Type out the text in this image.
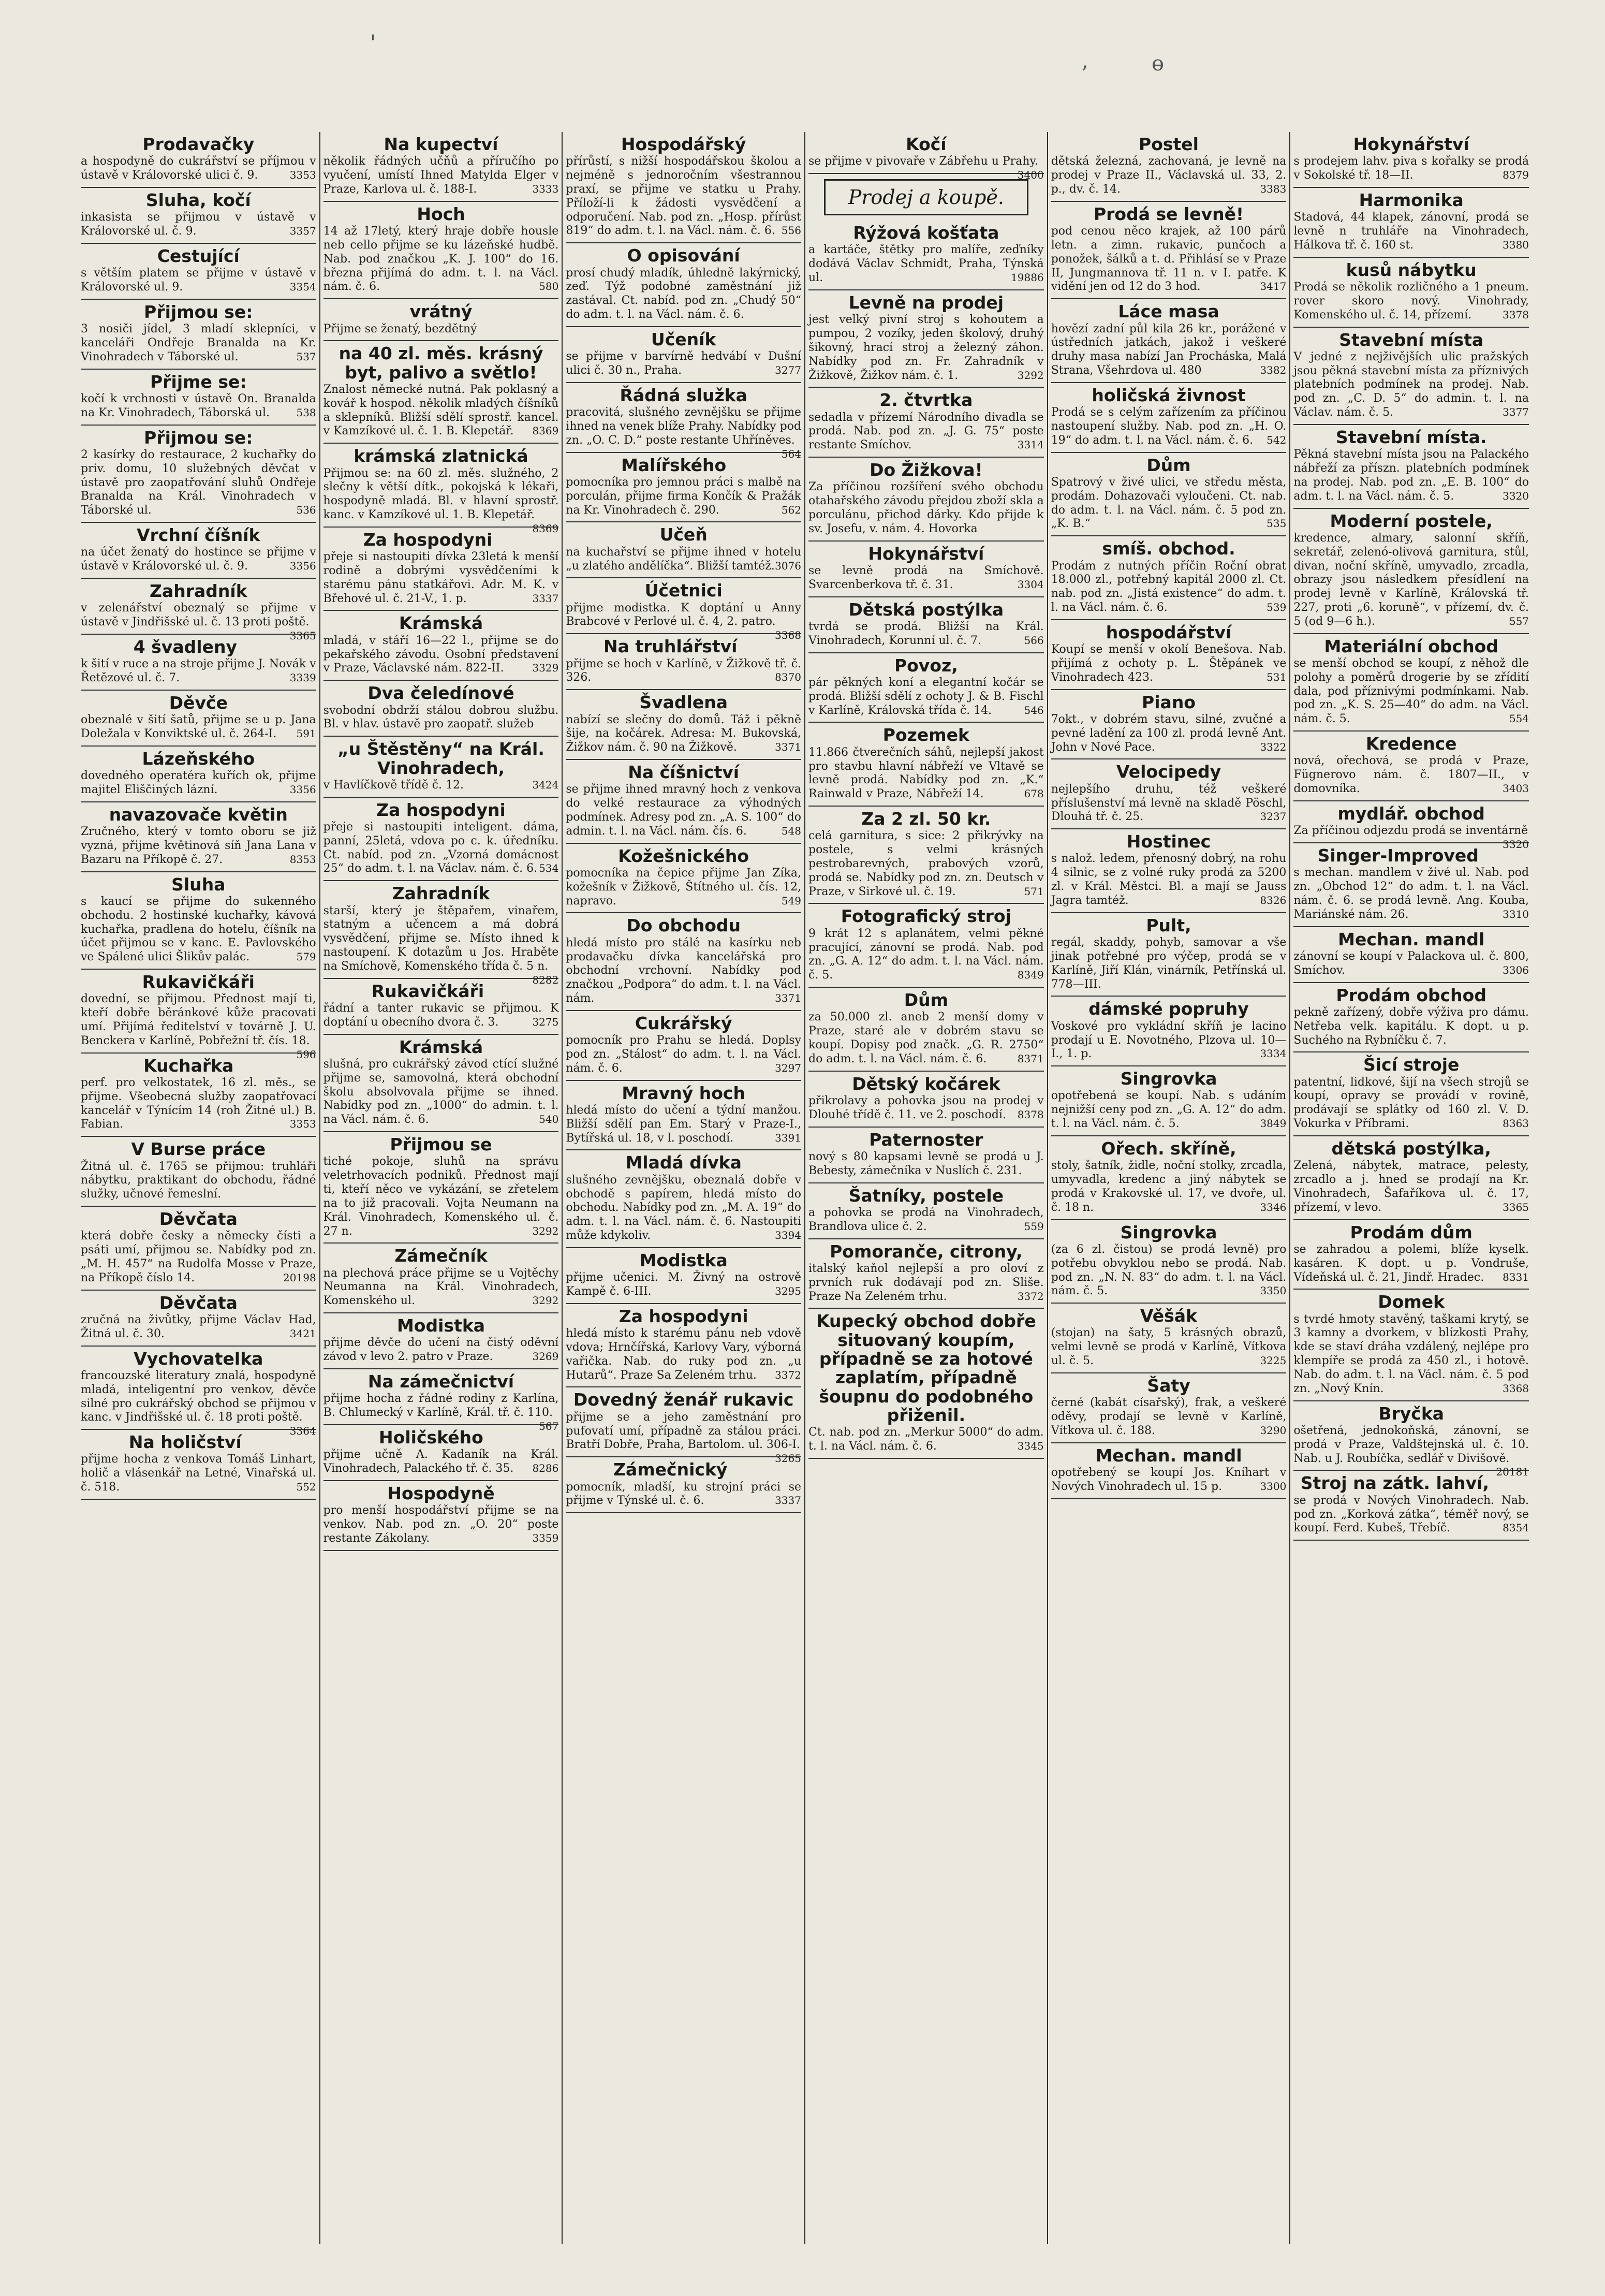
'
,	ɵ
Prodavačky

a hospodyně do cukrářství se příjmou v ústavě v Královorské ulici č. 9.	3353

Sluha, kočí

inkasista se přijmou v ústavě v Královorské ul. č. 9.	3357

Cestující

s větším platem se přijme v ústavě v Královorské ul. 9.	3354

Přijmou se:

3 nosiči jídel, 3 mladí sklepníci, v kanceláři Ondřeje Branalda na Kr. Vinohradech v Táborské ul.	537

Přijme se:

kočí k vrchnosti v ústavě On. Branalda na Kr. Vinohradech, Táborská ul.	538

Přijmou se:

2 kasírky do restaurace, 2 kuchařky do priv. domu, 10 služebných děvčat v ústavě pro zaopatřování sluhů Ondřeje Branalda na Král. Vinohradech v Táborské ul.	536

Vrchní číšník

na účet ženatý do hostince se přijme v ústavě v Královorské ul. č. 9.	3356

Zahradník

v zelenářství obeznalý se přijme v ústavě v Jindřišské ul. č. 13 proti poště.
3365

4 švadleny

k šití v ruce a na stroje přijme J. Novák v Řetězové ul. č. 7.	3339

Děvče

obeznalé v šití šatů, přijme se u p. Jana Doležala v Konviktské ul. č. 264-I. 591

Lázeňského

dovedného operatéra kuřích ok, přijme majitel Eliščiných lázní.	3356

navazovače květin

Zručného, který v tomto oboru se již vyzná, přijme květinová síň Jana Lana v Bazaru na Příkopě č. 27.	8353

Sluha

s kaucí se přijme do sukenného obchodu. 2 hostinské kuchařky, kávová kuchařka, pradlena do hotelu, číšník na účet přijmou se v kanc. E. Pavlovského ve Spálené ulici Šlikův palác.	579

Rukavičkáři

dovední, se přijmou. Přednost mají ti, kteří dobře běránkové kůže pracovati umí. Přijímá ředitelství v továrně J. U. Benckera v Karlíně, Pobřežní tř. čís. 18.
596

Kuchařka

perf. pro velkostatek, 16 zl. měs., se přijme. Všeobecná služby zaopatřovací kancelář v Týnícím 14 (roh Žitné ul.) B. Fabian.	3353

V Burse práce

Žitná ul. č. 1765 se přijmou: truhláři nábytku, praktikant do obchodu, řádné služky, učnové řemeslní.

Děvčata

která dobře česky a německy čísti a psáti umí, přijmou se. Nabídky pod zn. „M. H. 457“ na Rudolfa Mosse v Praze, na Příkopě číslo 14.	20198

Děvčata

zručná na živůtky, přijme Václav Had, Žitná ul. č. 30.	3421

Vychovatelka

francouzské literatury znalá, hospodyně mladá, inteligentní pro venkov, děvče silné pro cukrářský obchod se přijmou v kanc. v Jindřišské ul. č. 18 proti poště.
3364

Na holičství

přijme hocha z venkova Tomáš Linhart, holič a vlásenkář na Letné, Vinařská ul. č. 518.	552

Na kupectví

několik řádných učňů a příručího po vyučení, umístí Ihned Matylda Elger v Praze, Karlova ul. č. 188-I.	3333

Hoch

14 až 17letý, který hraje dobře housle neb cello přijme se ku lázeňské hudbě. Nab. pod značkou „K. J. 100“ do 16. března přijímá do adm. t. l. na Václ. nám. č. 6.	580

vrátný

Přijme se ženatý, bezdětný

na 40 zl. měs. krásný byt, palivo a světlo!

Znalost německé nutná. Pak poklasný a kovář k hospod. několik mladých číšníků a sklepníků. Bližší sdělí sprostř. kancel. v Kamzíkové ul. č. 1. B. Klepetář. 8369

krámská zlatnická

Přijmou se: na 60 zl. měs. služného, 2 slečny k větší dítk., pokojská k lékaři, hospodyně mladá. Bl. v hlavní sprostř. kanc. v Kamzíkové ul. 1. B. Klepetář.
8369

Za hospodyni

přeje si nastoupiti dívka 23letá k menší rodině a dobrými vysvědčeními k starému pánu statkářovi. Adr. M. K. v Břehové ul. č. 21-V., 1. p.	3337

Krámská

mladá, v stáří 16—22 l., přijme se do pekařského závodu. Osobní představení v Praze, Václavské nám. 822-II.	3329

Dva čeledínové

svobodní obdrží stálou dobrou službu. Bl. v hlav. ústavě pro zaopatř. služeb

„u Štěstěny“ na Král. Vinohradech,

v Havlíčkově třídě č. 12.	3424

Za hospodyni

přeje si nastoupiti inteligent. dáma, panní, 25letá, vdova po c. k. úředníku. Ct. nabíd. pod zn. „Vzorná domácnost 25“ do adm. t. l. na Václav. nám. č. 6. 534

Zahradník

starší, který je štěpařem, vinařem, statným a učencem a má dobrá vysvědčení, přijme se. Místo ihned k nastoupení. K dotazům u Jos. Hraběte na Smíchově, Komenského třída č. 5 n.
8282

Rukavičkáři

řádní a tanter rukavic se přijmou. K doptání u obecního dvora č. 3.	3275

Krámská

slušná, pro cukrářský závod ctící služné přijme se, samovolná, která obchodní školu absolvovala přijme se ihned. Nabídky pod zn. „1000“ do admin. t. l. na Václ. nám. č. 6.	540

Přijmou se

tiché pokoje, sluhů na správu veletrhovacích podniků. Přednost mají ti, kteří něco ve vykázání, se zřetelem na to již pracovali. Vojta Neumann na Král. Vinohradech, Komenského ul. č. 27 n.	3292

Zámečník

na plechová práce přijme se u Vojtěchy Neumanna na Král. Vinohradech, Komenského ul.	3292

Modistka

přijme děvče do učení na čistý oděvní závod v levo 2. patro v Praze.	3269

Na zámečnictví

přijme hocha z řádné rodiny z Karlína, B. Chlumecký v Karlíně, Král. tř. č. 110.
567

Holičského

přijme učně A. Kadaník na Král. Vinohradech, Palackého tř. č. 35. 8286

Hospodyně

pro menší hospodářství přijme se na venkov. Nab. pod zn. „O. 20“ poste restante Zákolany.	3359

Hospodářský

přírůstí, s nižší hospodářskou školou a nejméně s jednoročním všestrannou praxí, se přijme ve statku u Prahy. Příloží-li k žádosti vysvědčení a odporučení. Nab. pod zn. „Hosp. přírůst 819“ do adm. t. l. na Václ. nám. č. 6. 556

O opisování

prosí chudý mladík, úhledně lakýrnický, zeď. Týž podobné zaměstnání již zastával. Ct. nabíd. pod zn. „Chudý 50“ do adm. t. l. na Václ. nám. č. 6.

Učeník

se přijme v barvírně hedvábí v Dušní ulici č. 30 n., Praha.	3277

Řádná služka

pracovitá, slušného zevnějšku se přijme ihned na venek blíže Prahy. Nabídky pod zn. „O. C. D.“ poste restante Uhříněves.
564

Malířského

pomocníka pro jemnou práci s malbě na porculán, přijme firma Končík & Pražák na Kr. Vinohradech č. 290.	562

Učeň

na kuchařství se přijme ihned v hotelu „u zlatého andělíčka“. Bližší tamtéž. 3076

Účetnici

přijme modistka. K doptání u Anny Brabcové v Perlové ul. č. 4, 2. patro.
3368

Na truhlářství

přijme se hoch v Karlíně, v Žižkově tř. č. 326.	8370

Švadlena

nabízí se slečny do domů. Táž i pěkně šije, na kočárek. Adresa: M. Bukovská, Žižkov nám. č. 90 na Žižkově.	3371

Na číšnictví

se přijme ihned mravný hoch z venkova do velké restaurace za výhodných podmínek. Adresy pod zn. „A. S. 100“ do admin. t. l. na Václ. nám. čís. 6.	548

Kožešnického

pomocníka na čepice přijme Jan Zíka, kožešník v Žižkově, Štítného ul. čís. 12, napravo.	549

Do obchodu

hledá místo pro stálé na kasírku neb prodavačku dívka kancelářská pro obchodní vrchovní. Nabídky pod značkou „Podpora“ do adm. t. l. na Václ. nám.	3371

Cukrářský

pomocník pro Prahu se hledá. Doplsy pod zn. „Stálost“ do adm. t. l. na Václ. nám. č. 6.	3297

Mravný hoch

hledá místo do učení a týdní manžou. Bližší sdělí pan Em. Starý v Praze-I., Bytířská ul. 18, v l. poschodí.	3391

Mladá dívka

slušného zevnějšku, obeznalá dobře v obchodě s papírem, hledá místo do obchodu. Nabídky pod zn. „M. A. 19“ do adm. t. l. na Václ. nám. č. 6. Nastoupiti může kdykoliv.	3394

Modistka

přijme učenici. M. Živný na ostrově Kampě č. 6-III.	3295

Za hospodyni

hledá místo k starému pánu neb vdově vdova; Hrnčířská, Karlovy Vary, výborná vařička. Nab. do ruky pod zn. „u Hutarů“. Praze Sa Zeleném trhu. 3372

Dovedný ženář rukavic

přijme se a jeho zaměstnání pro pufovatí umí, případně za stálou práci. Bratří Dobře, Praha, Bartolom. ul. 306-I.
3265

Zámečnický

pomocník, mladší, ku strojní práci se přijme v Týnské ul. č. 6.	3337

Kočí

se přijme v pivovaře v Zábřehu u Prahy.
3400

Prodej a koupě.
Rýžová košťata

a kartáče, štětky pro malíře, zeďníky dodává Václav Schmidt, Praha, Týnská ul.	19886

Levně na prodej

jest velký pivní stroj s kohoutem a pumpou, 2 vozíky, jeden školový, druhý šikovný, hrací stroj a železný záhon. Nabídky pod zn. Fr. Zahradník v Žižkově, Žižkov nám. č. 1.	3292

2. čtvrtka

sedadla v přízemí Národního divadla se prodá. Nab. pod zn. „J. G. 75“ poste restante Smíchov.	3314

Do Žižkova!

Za příčinou rozšíření svého obchodu otahařského závodu přejdou zboží skla a porculánu, přichod dárky. Kdo přijde k sv. Josefu, v. nám. 4. Hovorka

Hokynářství

se levně prodá na Smíchově. Svarcenberkova tř. č. 31.	3304

Dětská postýlka

tvrdá se prodá. Bližší na Král. Vinohradech, Korunní ul. č. 7.	566

Povoz,

pár pěkných koní a elegantní kočár se prodá. Bližší sdělí z ochoty J. & B. Fischl v Karlíně, Královská třída č. 14.	546

Pozemek

11.866 čtverečních sáhů, nejlepší jakost pro stavbu hlavní nábřeží ve Vltavě se levně prodá. Nabídky pod zn. „K.“ Rainwald v Praze, Nábřeží 14.	678

Za 2 zl. 50 kr.

celá garnitura, s sice: 2 přikrývky na postele, s velmi krásných pestrobarevných, prabových vzorů, prodá se. Nabídky pod zn. zn. Deutsch v Praze, v Sirkové ul. č. 19.	571

Fotografický stroj

9 krát 12 s aplanátem, velmi pěkné pracující, zánovní se prodá. Nab. pod zn. „G. A. 12“ do adm. t. l. na Václ. nám. č. 5.	8349

Dům

za 50.000 zl. aneb 2 menší domy v Praze, staré ale v dobrém stavu se koupí. Dopisy pod značk. „G. R. 2750“ do adm. t. l. na Václ. nám. č. 6.	8371

Dětský kočárek

přikrolavy a pohovka jsou na prodej v Dlouhé třídě č. 11. ve 2. poschodí. 8378

Paternoster

nový s 80 kapsami levně se prodá u J. Bebesty, zámečníka v Nuslích č. 231.

Šatníky, postele

a pohovka se prodá na Vinohradech, Brandlova ulice č. 2.	559

Pomoranče, citrony,

italský kaňol nejlepší a pro oloví z prvních ruk dodávají pod zn. Sliše. Praze Na Zeleném trhu.	3372

Kupecký obchod dobře situovaný koupím, případně se za hotové zaplatím, případně šoupnu do podobného přiženil.

Ct. nab. pod zn. „Merkur 5000“ do adm. t. l. na Václ. nám. č. 6.	3345

Postel

dětská železná, zachovaná, je levně na prodej v Praze II., Václavská ul. 33, 2. p., dv. č. 14.	3383

Prodá se levně!

pod cenou něco krajek, až 100 párů letn. a zimn. rukavic, punčoch a ponožek, šálků a t. d. Přihlásí se v Praze II, Jungmannova tř. 11 n. v I. patře. K vidění jen od 12 do 3 hod.	3417

Láce masa

hovězí zadní půl kila 26 kr., porážené v ústředních jatkách, jakož i veškeré druhy masa nabízí Jan Procháska, Malá Strana, Všehrdova ul. 480	3382

holičská živnost

Prodá se s celým zařízením za příčinou nastoupení služby. Nab. pod zn. „H. O. 19“ do adm. t. l. na Václ. nám. č. 6. 542

Dům

Spatrový v živé ulici, ve středu města, prodám. Dohazovači vyloučeni. Ct. nab. do adm. t. l. na Václ. nám. č. 5 pod zn. „K. B.“	535

smíš. obchod.

Prodám z nutných příčin Roční obrat 18.000 zl., potřebný kapitál 2000 zl. Ct. nab. pod zn. „Jistá existence“ do adm. t. l. na Václ. nám. č. 6.	539

hospodářství

Koupí se menší v okolí Benešova. Nab. přijímá z ochoty p. L. Štěpánek ve Vinohradech 423.	531

Piano

7okt., v dobrém stavu, silné, zvučné a pevné ladění za 100 zl. prodá levně Ant. John v Nové Pace.	3322

Velocipedy

nejlepšího druhu, též veškeré příslušenství má levně na skladě Pöschl, Dlouhá tř. č. 25.	3237

Hostinec

s nalož. ledem, přenosný dobrý, na rohu 4 silnic, se z volné ruky prodá za 5200 zl. v Král. Městci. Bl. a mají se Jauss Jagra tamtéž.	8326

Pult,

regál, skaddy, pohyb, samovar a vše jinak potřebné pro výčep, prodá se v Karlíně, Jiří Klán, vinárník, Petřínská ul. 778—III.

dámské popruhy

Voskové pro vykládní skříň je lacino prodají u E. Novotného, Plzova ul. 10—I., 1. p.	3334

Singrovka

opotřebená se koupí. Nab. s udáním nejnižší ceny pod zn. „G. A. 12“ do adm. t. l. na Václ. nám. č. 5.	3849

Ořech. skříně,

stoly, šatník, židle, noční stolky, zrcadla, umyvadla, kredenc a jiný nábytek se prodá v Krakovské ul. 17, ve dvoře, ul. č. 18 n.	3346

Singrovka

(za 6 zl. čistou) se prodá levně) pro potřebu obvyklou nebo se prodá. Nab. pod zn. „N. N. 83“ do adm. t. l. na Václ. nám. č. 5.	3350

Věšák

(stojan) na šaty, 5 krásných obrazů, velmi levně se prodá v Karlíně, Vítkova ul. č. 5.	3225

Šaty

černé (kabát císařský), frak, a veškeré oděvy, prodají se levně v Karlíně, Vítkova ul. č. 188.	3290

Mechan. mandl

opotřebený se koupí Jos. Kníhart v Nových Vinohradech ul. 15 p.	3300

Hokynářství

s prodejem lahv. piva s kořalky se prodá v Sokolské tř. 18—II.	8379

Harmonika

Stadová, 44 klapek, zánovní, prodá se levně n truhláře na Vinohradech, Hálkova tř. č. 160 st.	3380

kusů nábytku

Prodá se několik rozličného a 1 pneum. rover skoro nový. Vinohrady, Komenského ul. č. 14, přízemí.	3378

Stavební místa

V jedné z nejživějších ulic pražských jsou pěkná stavební místa za příznivých platebních podmínek na prodej. Nab. pod zn. „C. D. 5“ do admin. t. l. na Václav. nám. č. 5.	3377

Stavební místa.

Pěkná stavební místa jsou na Palackého nábřeží za příszn. platebních podmínek na prodej. Nab. pod zn. „E. B. 100“ do adm. t. l. na Václ. nám. č. 5.	3320

Moderní postele,

kredence, almary, salonní skříň, sekretář, zelenó-olivová garnitura, stůl, divan, noční skříně, umyvadlo, zrcadla, obrazy jsou následkem přesídlení na prodej levně v Karlíně, Královská tř. 227, proti „6. koruně“, v přízemí, dv. č. 5 (od 9—6 h.).	557

Materiální obchod

se menší obchod se koupí, z něhož dle polohy a poměrů drogerie by se zřídití dala, pod příznivými podmínkami. Nab. pod zn. „K. S. 25—40“ do adm. na Václ. nám. č. 5.	554

Kredence

nová, ořechová, se prodá v Praze, Fügnerovo nám. č. 1807—II., v domovníka.	3403

mydlář. obchod

Za příčinou odjezdu prodá se inventárně
3320

Singer-Improved

s mechan. mandlem v živé ul. Nab. pod zn. „Obchod 12“ do adm. t. l. na Václ. nám. č. 6. se prodá levně. Ang. Kouba, Mariánské nám. 26.	3310

Mechan. mandl

zánovní se koupí v Palackova ul. č. 800, Smíchov.	3306

Prodám obchod

pekně zařízený, dobře výživa pro dámu. Netřeba velk. kapitálu. K dopt. u p. Suchého na Rybníčku č. 7.

Šicí stroje

patentní, lidkové, šijí na všech strojů se koupí, opravy se provádí v rovině, prodávají se splátky od 160 zl. V. D. Vokurka v Příbrami.	8363

dětská postýlka,

Zelená, nábytek, matrace, pelesty, zrcadlo a j. hned se prodají na Kr. Vinohradech, Šafaříkova ul. č. 17, přízemí, v levo.	3365

Prodám dům

se zahradou a polemi, blíže kyselk. kasáren. K dopt. u p. Vondruše, Vídeňská ul. č. 21, Jindř. Hradec. 8331

Domek

s tvrdé hmoty stavěný, taškami krytý, se 3 kamny a dvorkem, v blízkosti Prahy, kde se staví dráha vzdálený, nejlépe pro klempíře se prodá za 450 zl., i hotově. Nab. do adm. t. l. na Václ. nám. č. 5 pod zn. „Nový Knín.	3368

Bryčka

ošetřená, jednokoňská, zánovní, se prodá v Praze, Valdštejnská ul. č. 10. Nab. u J. Roubíčka, sedlář v Divišově.
20181

Stroj na zátk. lahví,

se prodá v Nových Vinohradech. Nab. pod zn. „Korková zátka“, téměř nový, se koupí. Ferd. Kubeš, Třebíč.	8354
